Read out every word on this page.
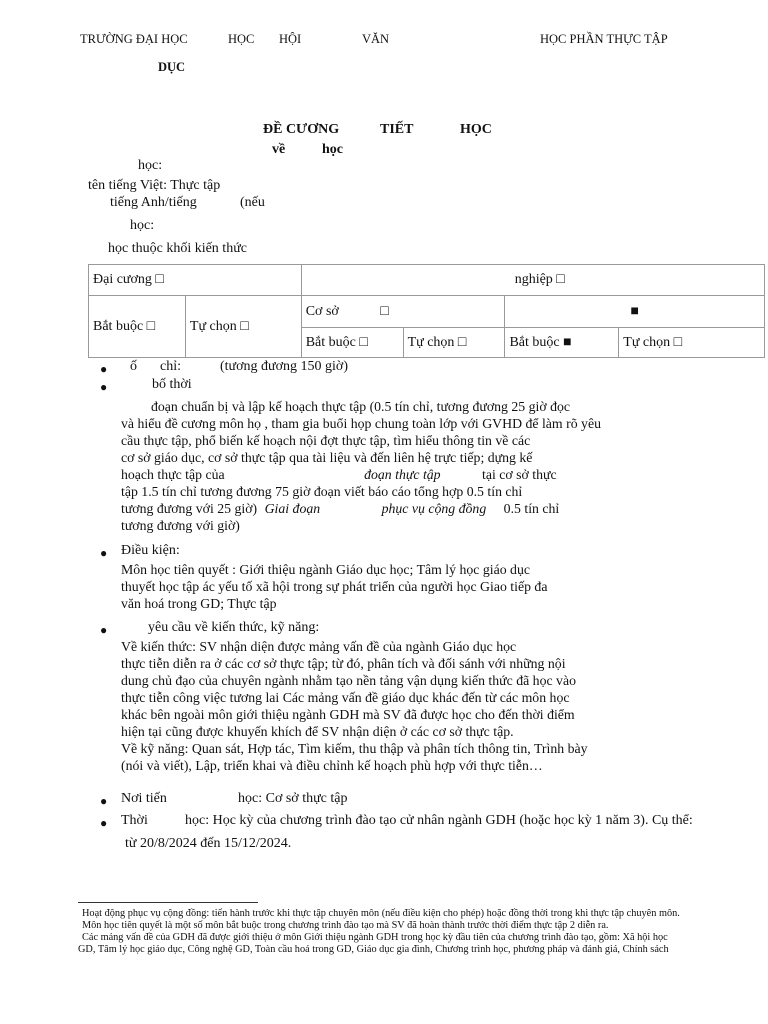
TRƯỜNG ĐẠI HỌC	HỌC HỘI	VĂN	HỌC PHẦN THỰC TẬP
DỤC
ĐỀ CƯƠNG	TIẾT	HỌC
về	học
học:
tên tiếng Việt: Thực tập
tiếng Anh/tiếng	(nếu
học:
học thuộc khối kiến thức
Đại cương □		nghiệp □			
Bắt buộc □	Tự chọn □	Cơ sở □		■	
		Bắt buộc □	Tự chọn □	Bắt buộc ■	Tự chọn □
● ố chỉ:	(tương đương 150 giờ)
●	bố thời
đoạn chuẩn bị và lập kế hoạch thực tập (0.5 tín chỉ, tương đương 25 giờ đọc
và hiểu đề cương môn họ , tham gia buổi họp chung toàn lớp với GVHD để làm rõ yêu
cầu thực tập, phổ biến kế hoạch nội đợt thực tập, tìm hiểu thông tin về các
cơ sở giáo dục, cơ sở thực tập qua tài liệu và đến liên hệ trực tiếp; dựng kế
hoạch thực tập của	đoạn thực tập	tại cơ sở thực
tập 1.5 tín chỉ tương đương 75 giờ đoạn viết báo cáo tổng hợp 0.5 tín chỉ
tương đương với 25 giờ) Giai đoạn	phục vụ cộng đồng 0.5 tín chỉ
tương đương với giờ)
● Điều kiện:
Môn học tiên quyết : Giới thiệu ngành Giáo dục học; Tâm lý học giáo dục
thuyết học tập ác yếu tố xã hội trong sự phát triển của người học Giao tiếp đa
văn hoá trong GD; Thực tập
●	yêu cầu về kiến thức, kỹ năng:
Về kiến thức: SV nhận diện được mảng vấn đề của ngành Giáo dục học
thực tiễn diễn ra ở các cơ sở thực tập; từ đó, phân tích và đối sánh với những nội
dung chủ đạo của chuyên ngành nhằm tạo nền tảng vận dụng kiến thức đã học vào
thực tiễn công việc tương lai Các mảng vấn đề giáo dục khác đến từ các môn học
khác bên ngoài môn giới thiệu ngành GDH mà SV đã được học cho đến thời điểm
hiện tại cũng được khuyến khích để SV nhận diện ở các cơ sở thực tập.
Về kỹ năng: Quan sát, Hợp tác, Tìm kiếm, thu thập và phân tích thông tin, Trình bày
(nói và viết), Lập, triển khai và điều chỉnh kế hoạch phù hợp với thực tiễn…
● Nơi tiến	học: Cơ sở thực tập
● Thời	học: Học kỳ của chương trình đào tạo cử nhân ngành GDH (hoặc học kỳ 1 năm 3). Cụ thể:
từ 20/8/2024 đến 15/12/2024.
Hoạt động phục vụ cộng đồng: tiến hành trước khi thực tập chuyên môn (nếu điều kiện cho phép) hoặc đồng thời trong khi thực tập chuyên môn.
Môn học tiên quyết là một số môn bắt buộc trong chương trình đào tạo mà SV đã hoàn thành trước thời điểm thực tập 2 diễn ra.
Các mảng vấn đề của GDH đã được giới thiệu ở môn Giới thiệu ngành GDH trong học kỳ đầu tiên của chương trình đào tạo, gồm: Xã hội học
GD, Tâm lý học giáo dục, Công nghệ GD, Toàn cầu hoá trong GD, Giáo dục gia đình, Chương trình học, phương pháp và đánh giá, Chính sách
